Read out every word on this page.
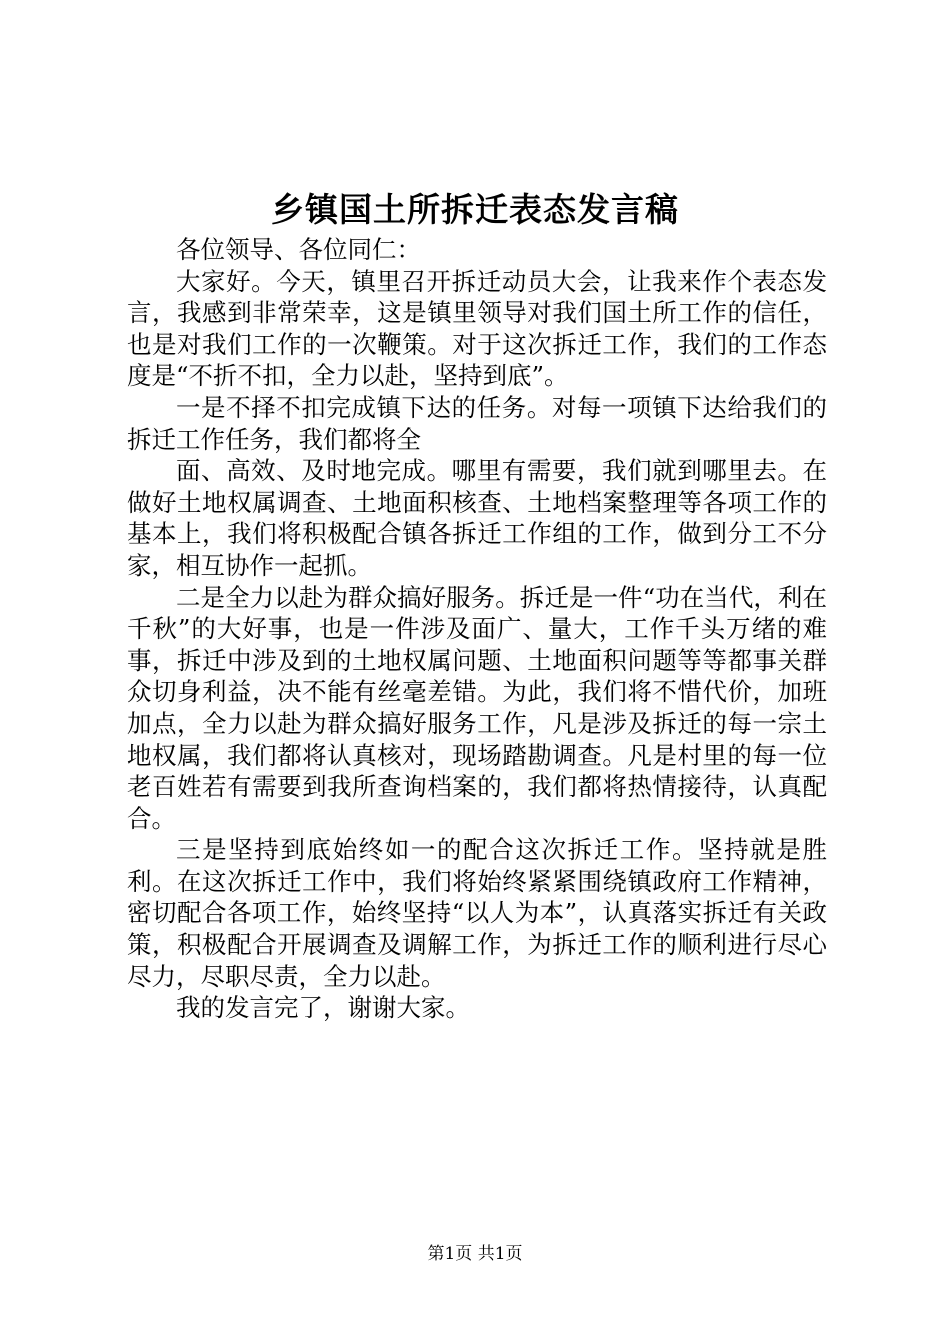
乡镇国土所拆迁表态发言稿

各位领导、各位同仁：

大家好。今天，镇里召开拆迁动员大会，让我来作个表态发言，我感到非常荣幸，这是镇里领导对我们国土所工作的信任，也是对我们工作的一次鞭策。对于这次拆迁工作，我们的工作态度是“不折不扣，全力以赴，坚持到底”。

一是不择不扣完成镇下达的任务。对每一项镇下达给我们的拆迁工作任务，我们都将全

面、高效、及时地完成。哪里有需要，我们就到哪里去。在做好土地权属调查、土地面积核查、土地档案整理等各项工作的基本上，我们将积极配合镇各拆迁工作组的工作，做到分工不分家，相互协作一起抓。

二是全力以赴为群众搞好服务。拆迁是一件“功在当代，利在千秋”的大好事，也是一件涉及面广、量大，工作千头万绪的难事，拆迁中涉及到的土地权属问题、土地面积问题等等都事关群众切身利益，决不能有丝毫差错。为此，我们将不惜代价，加班加点，全力以赴为群众搞好服务工作，凡是涉及拆迁的每一宗土地权属，我们都将认真核对，现场踏勘调查。凡是村里的每一位老百姓若有需要到我所查询档案的，我们都将热情接待，认真配合。

三是坚持到底始终如一的配合这次拆迁工作。坚持就是胜利。在这次拆迁工作中，我们将始终紧紧围绕镇政府工作精神，密切配合各项工作，始终坚持“以人为本”，认真落实拆迁有关政策，积极配合开展调查及调解工作，为拆迁工作的顺利进行尽心尽力，尽职尽责，全力以赴。

我的发言完了，谢谢大家。

第1页 共1页
